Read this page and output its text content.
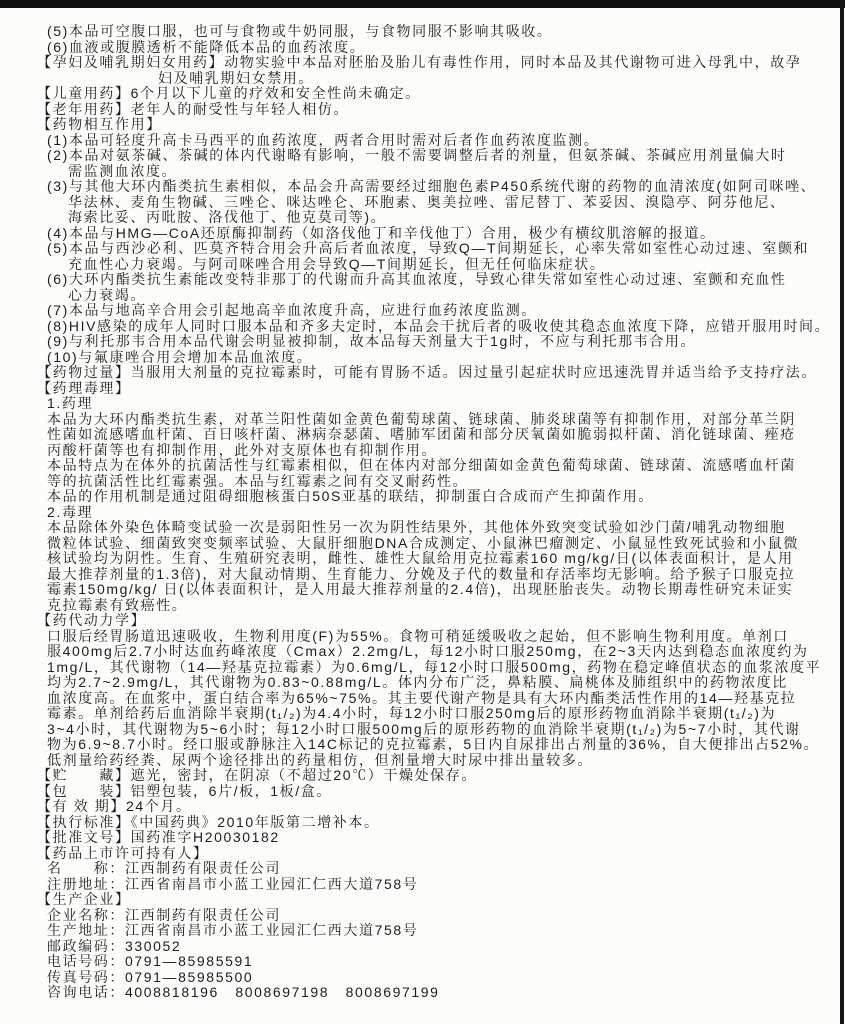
(5)本品可空腹口服，也可与食物或牛奶同服，与食物同服不影响其吸收。
(6)血液或腹膜透析不能降低本品的血药浓度。
【孕妇及哺乳期妇女用药】动物实验中本品对胚胎及胎儿有毒性作用，同时本品及其代谢物可进入母乳中，故孕
妇及哺乳期妇女禁用。
【儿童用药】6个月以下儿童的疗效和安全性尚未确定。
【老年用药】老年人的耐受性与年轻人相仿。
【药物相互作用】
(1)本品可轻度升高卡马西平的血药浓度，两者合用时需对后者作血药浓度监测。
(2)本品对氨茶碱、茶碱的体内代谢略有影响，一般不需要调整后者的剂量，但氨茶碱、茶碱应用剂量偏大时
需监测血浓度。
(3)与其他大环内酯类抗生素相似，本品会升高需要经过细胞色素P450系统代谢的药物的血清浓度(如阿司咪唑、
华法林、麦角生物碱、三唑仑、咪达唑仑、环胞素、奥美拉唑、雷尼替丁、苯妥因、溴隐亭、阿芬他尼、
海索比妥、丙吡胺、洛伐他丁、他克莫司等)。
(4)本品与HMG—CoA还原酶抑制药（如洛伐他丁和辛伐他丁）合用，极少有横纹肌溶解的报道。
(5)本品与西沙必利、匹莫齐特合用会升高后者血浓度，导致Q—T间期延长，心率失常如室性心动过速、室颤和
充血性心力衰竭。与阿司咪唑合用会导致Q—T间期延长，但无任何临床症状。
(6)大环内酯类抗生素能改变特非那丁的代谢而升高其血浓度，导致心律失常如室性心动过速、室颤和充血性
心力衰竭。
(7)本品与地高辛合用会引起地高辛血浓度升高，应进行血药浓度监测。
(8)HIV感染的成年人同时口服本品和齐多夫定时，本品会干扰后者的吸收使其稳态血浓度下降，应错开服用时间。
(9)与利托那韦合用本品代谢会明显被抑制，故本品每天剂量大于1g时，不应与利托那韦合用。
(10)与氟康唑合用会增加本品血浓度。
【药物过量】当服用大剂量的克拉霉素时，可能有胃肠不适。因过量引起症状时应迅速洗胃并适当给予支持疗法。
【药理毒理】
1.药理
本品为大环内酯类抗生素，对革兰阳性菌如金黄色葡萄球菌、链球菌、肺炎球菌等有抑制作用，对部分革兰阴
性菌如流感嗜血杆菌、百日咳杆菌、淋病奈瑟菌、嗜肺军团菌和部分厌氧菌如脆弱拟杆菌、消化链球菌、痤疮
丙酸杆菌等也有抑制作用，此外对支原体也有抑制作用。
本品特点为在体外的抗菌活性与红霉素相似，但在体内对部分细菌如金黄色葡萄球菌、链球菌、流感嗜血杆菌
等的抗菌活性比红霉素强。本品与红霉素之间有交叉耐药性。
本品的作用机制是通过阻碍细胞核蛋白50S亚基的联结，抑制蛋白合成而产生抑菌作用。
2.毒理
本品除体外染色体畸变试验一次是弱阳性另一次为阴性结果外，其他体外致突变试验如沙门菌/哺乳动物细胞
微粒体试验、细菌致突变频率试验、大鼠肝细胞DNA合成测定、小鼠淋巴瘤测定、小鼠显性致死试验和小鼠微
核试验均为阴性。生育、生殖研究表明，雌性、雄性大鼠给用克拉霉素160 mg/kg/日(以体表面积计，是人用
最大推荐剂量的1.3倍)，对大鼠动情期、生育能力、分娩及子代的数量和存活率均无影响。给予猴子口服克拉
霉素150mg/kg/ 日(以体表面积计，是人用最大推荐剂量的2.4倍)，出现胚胎丧失。动物长期毒性研究未证实
克拉霉素有致癌性。
【药代动力学】
口服后经胃肠道迅速吸收，生物利用度(F)为55%。食物可稍延缓吸收之起始，但不影响生物利用度。单剂口
服400mg后2.7小时达血药峰浓度（Cmax）2.2mg/L，每12小时口服250mg，在2~3天内达到稳态血浓度约为
1mg/L，其代谢物（14—羟基克拉霉素）为0.6mg/L，每12小时口服500mg，药物在稳定峰值状态的血浆浓度平
均为2.7~2.9mg/L，其代谢物为0.83~0.88mg/L。体内分布广泛，鼻粘膜、扁桃体及肺组织中的药物浓度比
血浓度高。在血浆中，蛋白结合率为65%~75%。其主要代谢产物是具有大环内酯类活性作用的14—羟基克拉
霉素。单剂给药后血消除半衰期(t₁/₂)为4.4小时，每12小时口服250mg后的原形药物血消除半衰期(t₁/₂)为
3~4小时，其代谢物为5~6小时；每12小时口服500mg后的原形药物的血消除半衰期(t₁/₂)为5~7小时，其代谢
物为6.9~8.7小时。经口服或静脉注入14C标记的克拉霉素，5日内自尿排出占剂量的36%，自大便排出占52%。
低剂量给药经粪、尿两个途径排出的药量相仿，但剂量增大时尿中排出量较多。
【贮　　藏】遮光，密封，在阴凉（不超过20℃）干燥处保存。
【包　　装】铝塑包装，6片/板，1板/盒。
【有 效 期】24个月。
【执行标准】《中国药典》2010年版第二增补本。
【批准文号】国药准字H20030182
【药品上市许可持有人】
名　　称：江西制药有限责任公司
注册地址：江西省南昌市小蓝工业园汇仁西大道758号
【生产企业】
企业名称：江西制药有限责任公司
生产地址：江西省南昌市小蓝工业园汇仁西大道758号
邮政编码：330052
电话号码：0791—85985591
传真号码：0791—85985500
咨询电话：4008818196   8008697198   8008697199
